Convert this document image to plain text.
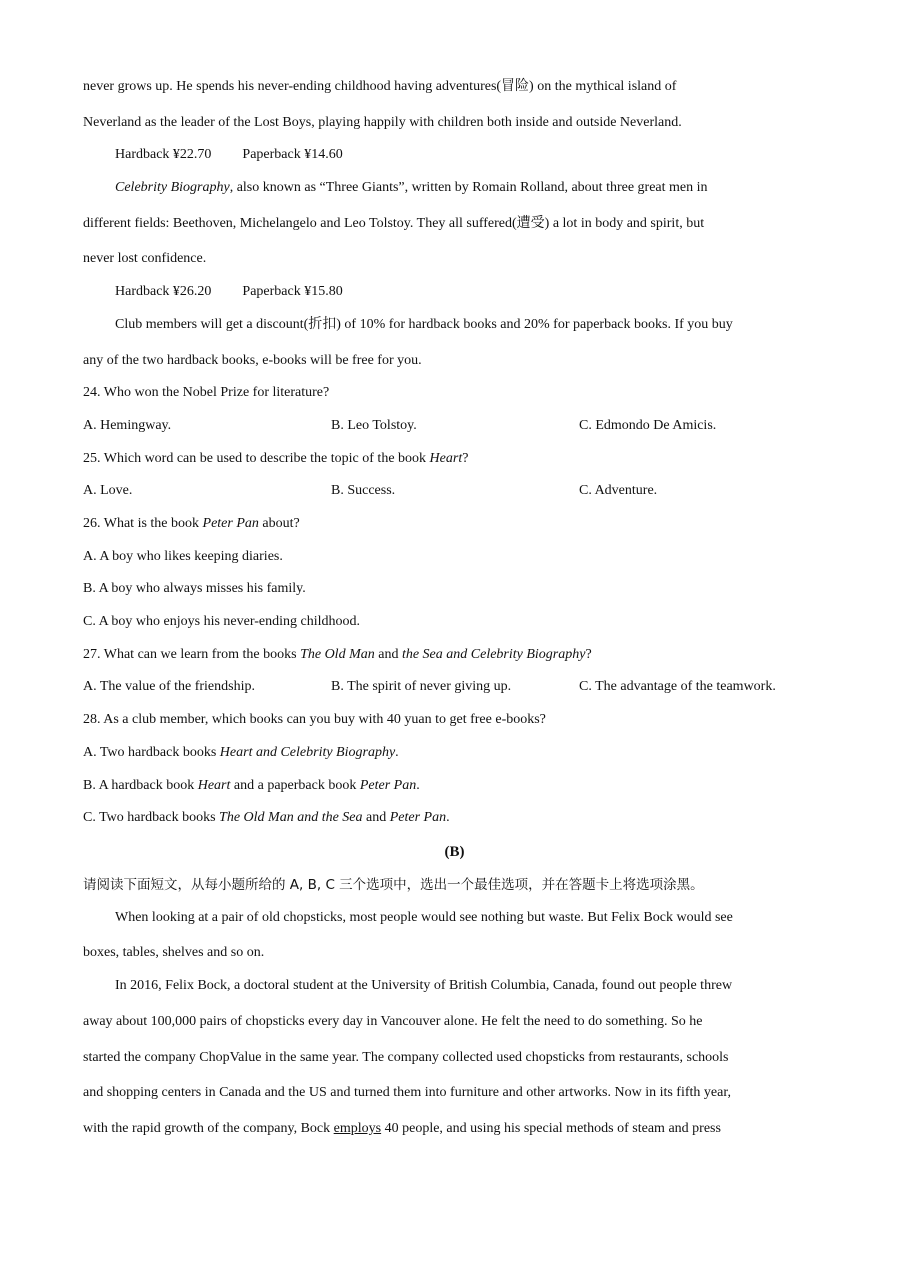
never grows up. He spends his never-ending childhood having adventures(冒险) on the mythical island of
Neverland as the leader of the Lost Boys, playing happily with children both inside and outside Neverland.
Hardback ¥22.70 Paperback ¥14.60
Celebrity Biography, also known as “Three Giants”, written by Romain Rolland, about three great men in
different fields: Beethoven, Michelangelo and Leo Tolstoy. They all suffered(遭受) a lot in body and spirit, but
never lost confidence.
Hardback ¥26.20 Paperback ¥15.80
Club members will get a discount(折扣) of 10% for hardback books and 20% for paperback books. If you buy
any of the two hardback books, e-books will be free for you.
24. Who won the Nobel Prize for literature?
A. Hemingway.	B. Leo Tolstoy.	C. Edmondo De Amicis.
25. Which word can be used to describe the topic of the book Heart?
A. Love.	B. Success.	C. Adventure.
26. What is the book Peter Pan about?
A. A boy who likes keeping diaries.
B. A boy who always misses his family.
C. A boy who enjoys his never-ending childhood.
27. What can we learn from the books The Old Man and the Sea and Celebrity Biography?
A. The value of the friendship.	B. The spirit of never giving up.	C. The advantage of the teamwork.
28. As a club member, which books can you buy with 40 yuan to get free e-books?
A. Two hardback books Heart and Celebrity Biography.
B. A hardback book Heart and a paperback book Peter Pan.
C. Two hardback books The Old Man and the Sea and Peter Pan.
(B)
请阅读下面短文，从每小题所给的 A, B, C 三个选项中，选出一个最佳选项，并在答题卡上将选项涂黑。
When looking at a pair of old chopsticks, most people would see nothing but waste. But Felix Bock would see
boxes, tables, shelves and so on.
In 2016, Felix Bock, a doctoral student at the University of British Columbia, Canada, found out people threw
away about 100,000 pairs of chopsticks every day in Vancouver alone. He felt the need to do something. So he
started the company ChopValue in the same year. The company collected used chopsticks from restaurants, schools
and shopping centers in Canada and the US and turned them into furniture and other artworks. Now in its fifth year,
with the rapid growth of the company, Bock employs 40 people, and using his special methods of steam and press
